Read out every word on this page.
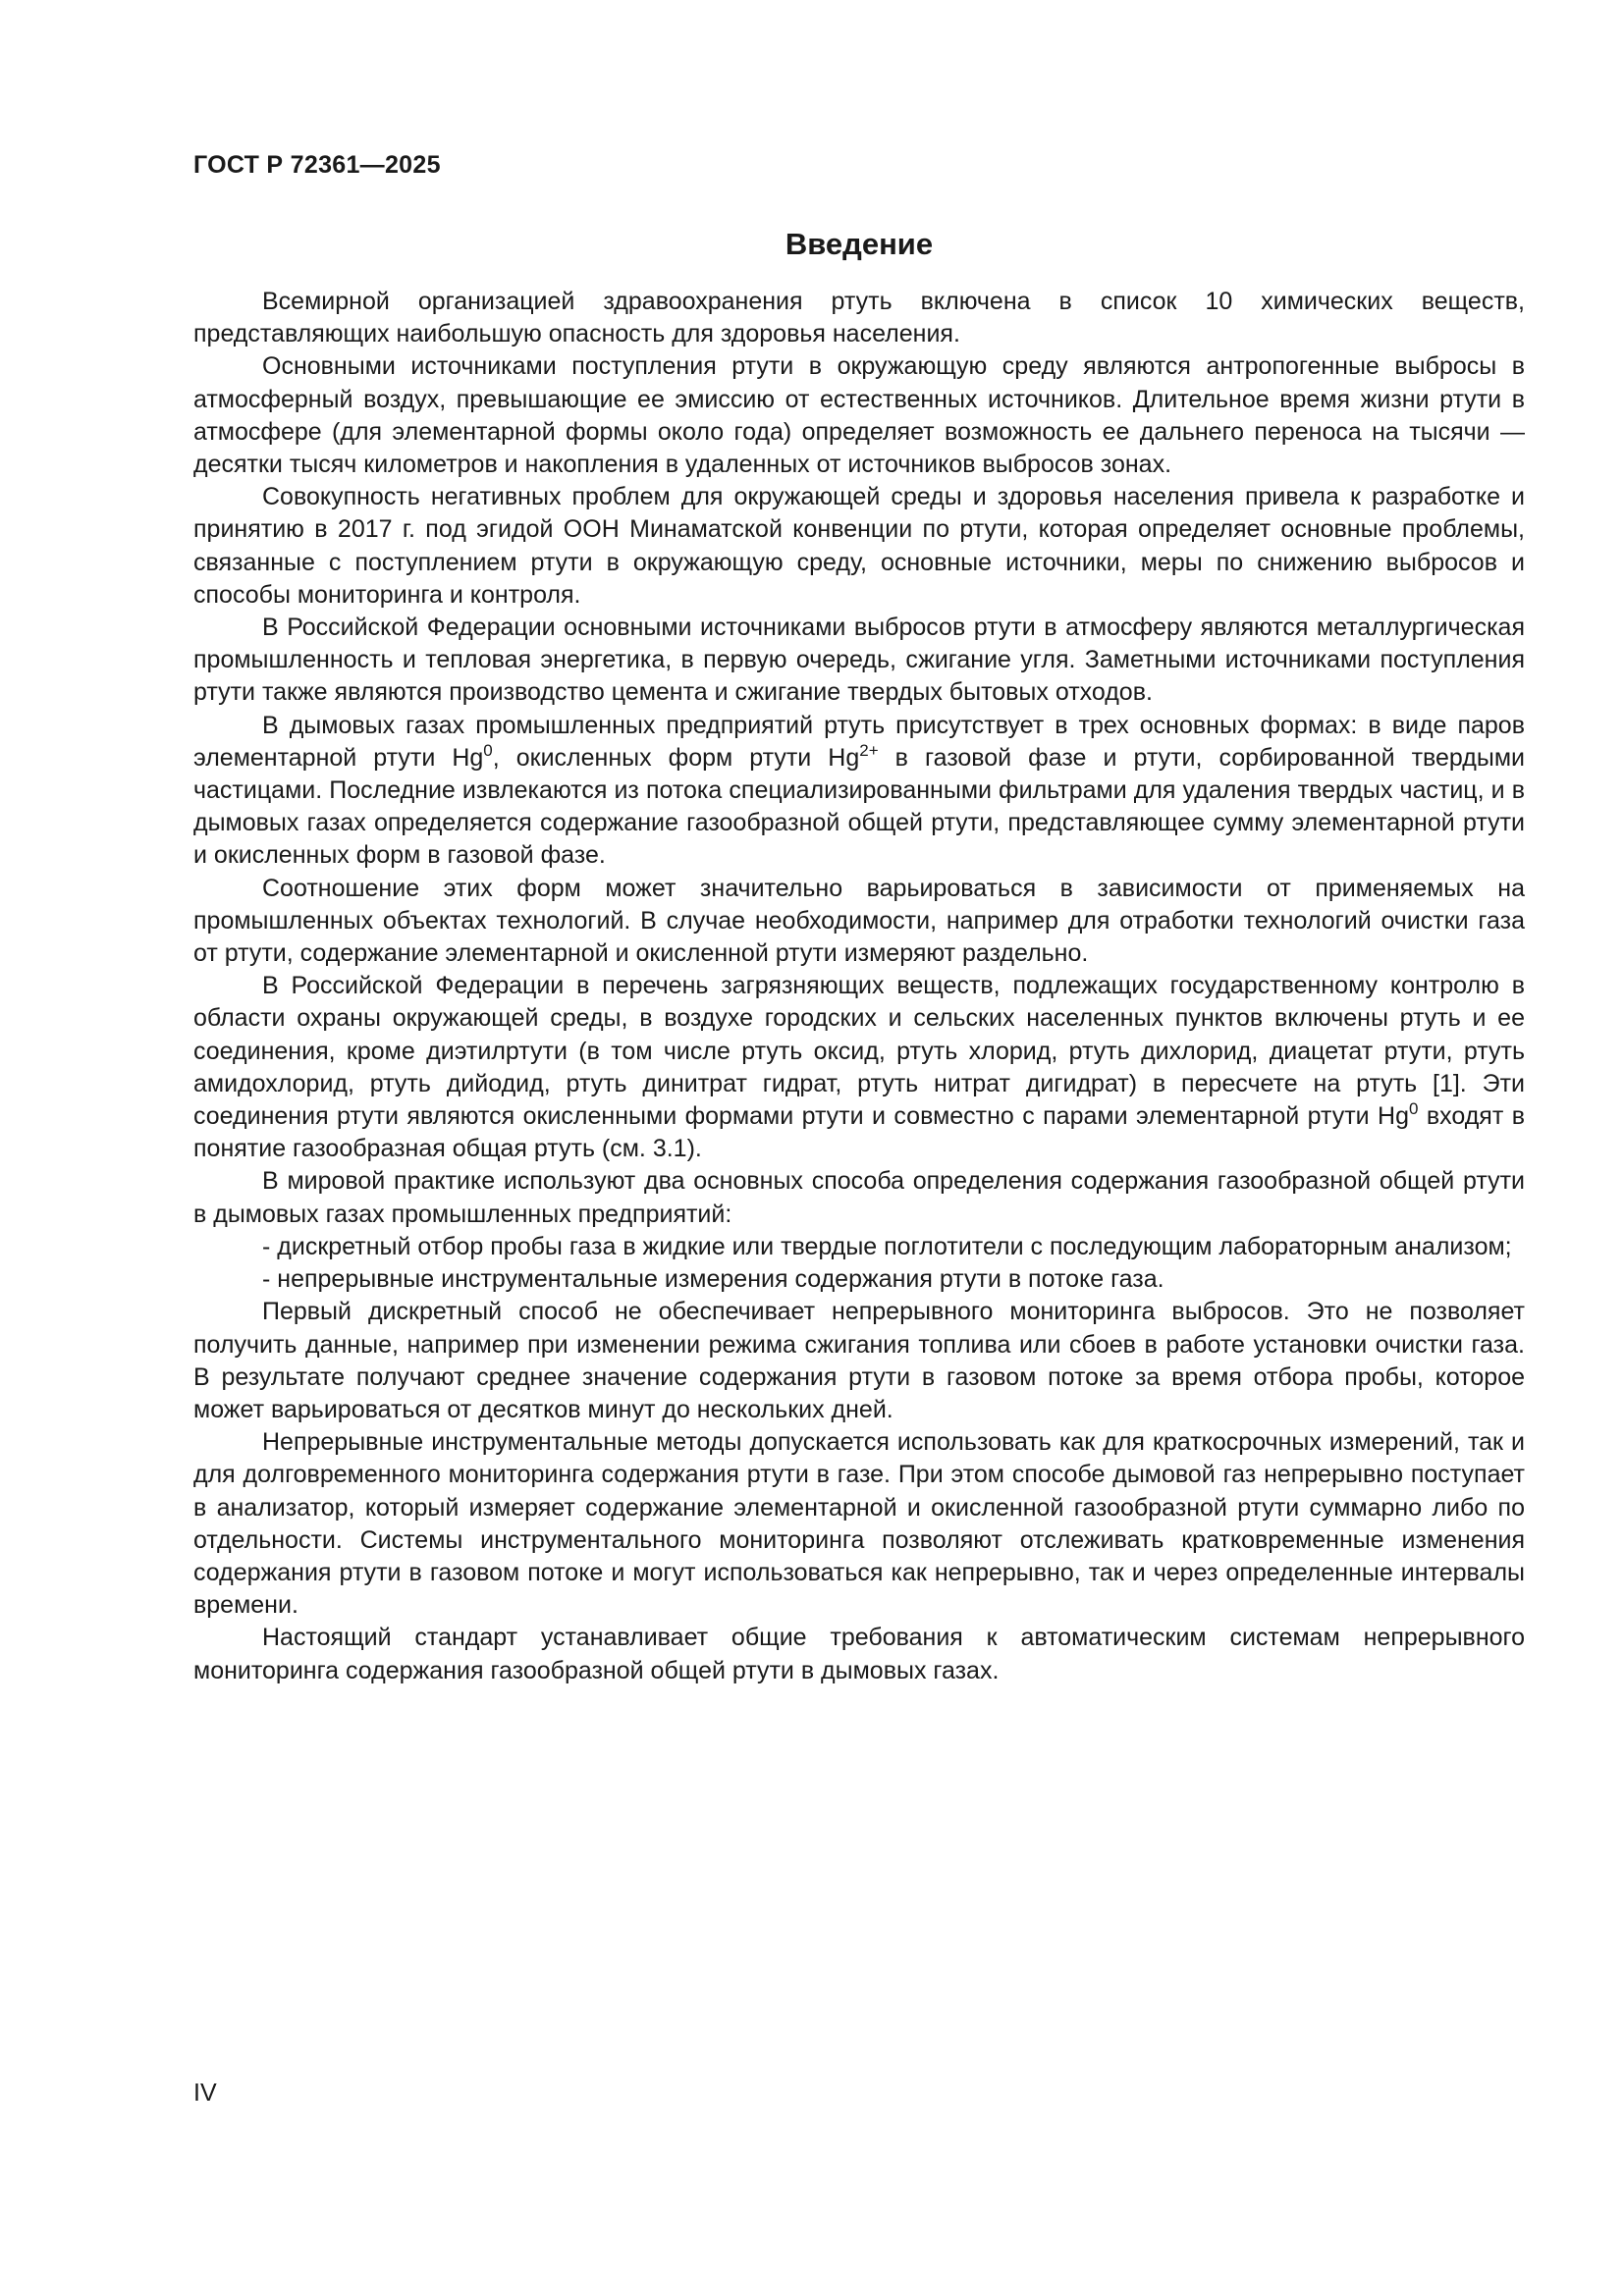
ГОСТ Р 72361—2025
Введение

Всемирной организацией здравоохранения ртуть включена в список 10 химических веществ, представляющих наибольшую опасность для здоровья населения.

Основными источниками поступления ртути в окружающую среду являются антропогенные выбросы в атмосферный воздух, превышающие ее эмиссию от естественных источников. Длительное время жизни ртути в атмосфере (для элементарной формы около года) определяет возможность ее дальнего переноса на тысячи — десятки тысяч километров и накопления в удаленных от источников выбросов зонах.

Совокупность негативных проблем для окружающей среды и здоровья населения привела к разработке и принятию в 2017 г. под эгидой ООН Минаматской конвенции по ртути, которая определяет основные проблемы, связанные с поступлением ртути в окружающую среду, основные источники, меры по снижению выбросов и способы мониторинга и контроля.

В Российской Федерации основными источниками выбросов ртути в атмосферу являются металлургическая промышленность и тепловая энергетика, в первую очередь, сжигание угля. Заметными источниками поступления ртути также являются производство цемента и сжигание твердых бытовых отходов.

В дымовых газах промышленных предприятий ртуть присутствует в трех основных формах: в виде паров элементарной ртути Hg$^0$, окисленных форм ртути $Hg^{2+}$ в газовой фазе и ртути, сорбированной твердыми частицами. Последние извлекаются из потока специализированными фильтрами для удаления твердых частиц, и в дымовых газах определяется содержание газообразной общей ртути, представляющее сумму элементарной ртути и окисленных форм в газовой фазе.

Соотношение этих форм может значительно варьироваться в зависимости от применяемых на промышленных объектах технологий. В случае необходимости, например для отработки технологий очистки газа от ртути, содержание элементарной и окисленной ртути измеряют раздельно.

В Российской Федерации в перечень загрязняющих веществ, подлежащих государственному контролю в области охраны окружающей среды, в воздухе городских и сельских населенных пунктов включены ртуть и ее соединения, кроме диэтилртути (в том числе ртуть оксид, ртуть хлорид, ртуть дихлорид, диацетат ртути, ртуть амидохлорид, ртуть дийодид, ртуть динитрат гидрат, ртуть нитрат дигидрат) в пересчете на ртуть [1]. Эти соединения ртути являются окисленными формами ртути и совместно с парами элементарной ртути Hg$^0$ входят в понятие газообразная общая ртуть (см. 3.1).

В мировой практике используют два основных способа определения содержания газообразной общей ртути в дымовых газах промышленных предприятий:

- дискретный отбор пробы газа в жидкие или твердые поглотители с последующим лабораторным анализом;

- непрерывные инструментальные измерения содержания ртути в потоке газа.

Первый дискретный способ не обеспечивает непрерывного мониторинга выбросов. Это не позволяет получить данные, например при изменении режима сжигания топлива или сбоев в работе установки очистки газа. В результате получают среднее значение содержания ртути в газовом потоке за время отбора пробы, которое может варьироваться от десятков минут до нескольких дней.

Непрерывные инструментальные методы допускается использовать как для краткосрочных измерений, так и для долговременного мониторинга содержания ртути в газе. При этом способе дымовой газ непрерывно поступает в анализатор, который измеряет содержание элементарной и окисленной газообразной ртути суммарно либо по отдельности. Системы инструментального мониторинга позволяют отслеживать кратковременные изменения содержания ртути в газовом потоке и могут использоваться как непрерывно, так и через определенные интервалы времени.

Настоящий стандарт устанавливает общие требования к автоматическим системам непрерывного мониторинга содержания газообразной общей ртути в дымовых газах.

IV
